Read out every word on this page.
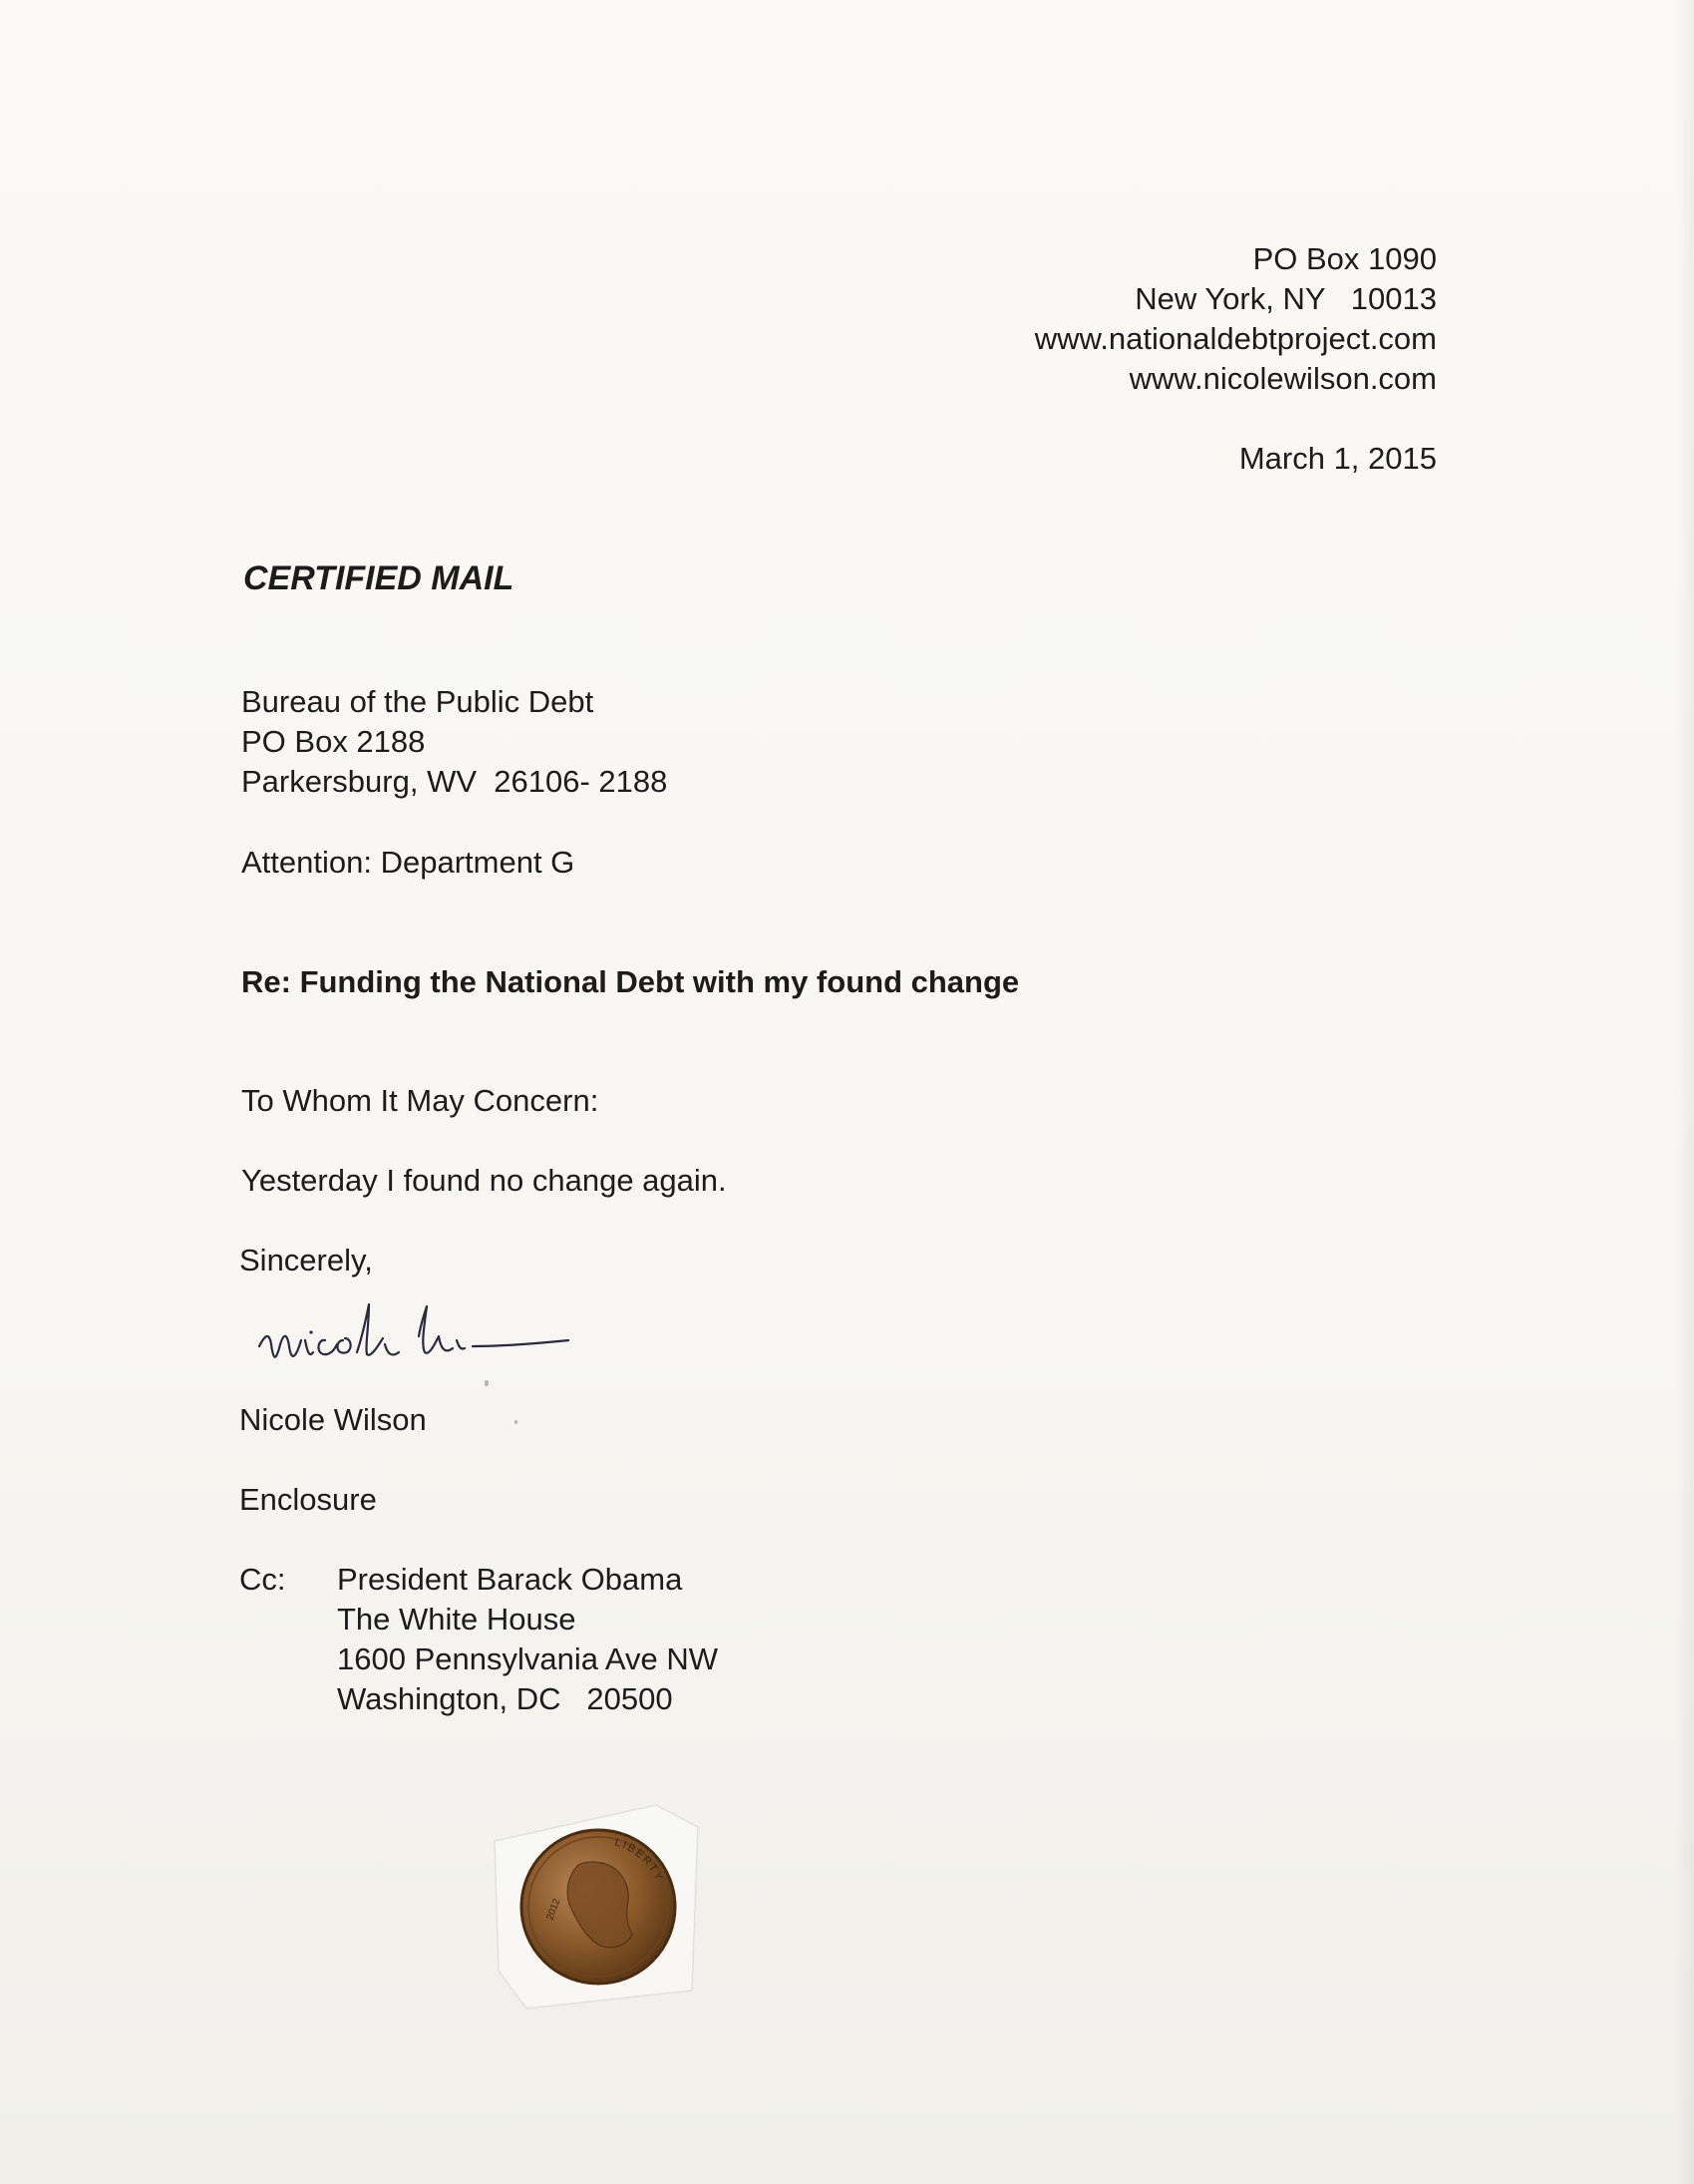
PO Box 1090
New York, NY   10013
www.nationaldebtproject.com
www.nicolewilson.com
March 1, 2015
CERTIFIED MAIL
Bureau of the Public Debt
PO Box 2188
Parkersburg, WV  26106- 2188
Attention: Department G
Re: Funding the National Debt with my found change
To Whom It May Concern:
Yesterday I found no change again.
Sincerely,
Nicole Wilson
Enclosure
Cc: President Barack Obama
The White House
1600 Pennsylvania Ave NW
Washington, DC   20500
LIBERTY
2012
